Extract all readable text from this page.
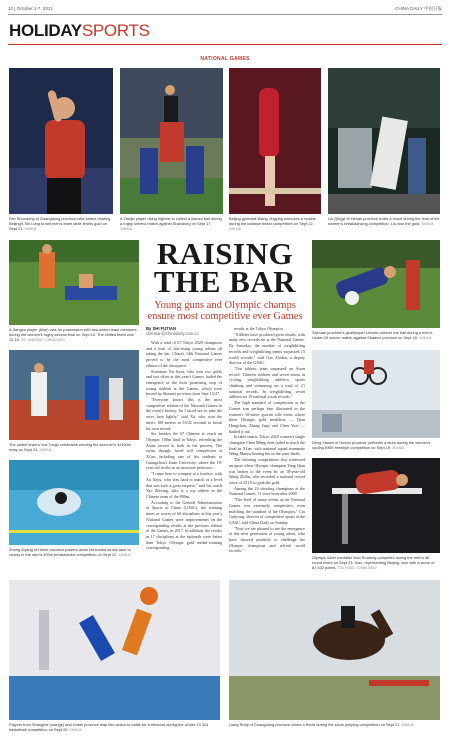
12 | October 1-7, 2021	CHINA DAILY 中国日报
HOLIDAYSPORTS
NATIONAL GAMES
Fan Shuodong of Guangdong province cele-brates beating Beijing's Shi Long to win men's team table tennis gold on Sept 21. XINHUA
A Tianjin player rising highest to collect a lineout ball during a rugby sevens match against Shandong on Sept 17. XINHUA
Beijing gymnast Wang Jingying executes a routine during the balance beam competition on Sept 22. XINHUA
Liu Qingyi of Henan province busts a move during the final of the women's breakdancing competition. Liu won the gold. XINHUA
A Jiangsu player (blue) vies for possession with two united team members during the women's rugby sevens final on Sept 19. The United team won 12-10. XIE JIANFENG / CHINA DAILY
The united team's Yue Tongli celebrates winning the wom-en's 4x100m relay on Sept 24. XINHUA
Zhang Ziyang of Hubei province powers down his breast-stroke lane to victory in the men's 400m breaststroke competition on Sept 22. XINHUA
RAISING
THE BAR
Young guns and Olympic champs ensure most competitive ever Games
By SHI FUTIAN
shifutian@chinadaily.com.cn

With a total of 67 Tokyo 2020 champions and a host of fast-rising young talents all taking the bar, China's 14th National Games proved to be the most competitive ever edition of the showpiece.

Swimmer Xu Jiayu, who won two golds and two silver at this year's Games, hailed the emergence of the most promising crop of young athletes at the Games, which were hosted by Shaanxi province from Sept 15-27.

"Everyone knows this is the most competitive edition of the National Games in the event's history. So I faced not to take the races here lightly," said Xu, who won the men's 100 meters in 53.02 seconds to break his own record.

Six besides the 67 Chinese to reach an Olympic 100m final in Tokyo, refreshing the Asian record in both in the process, The swim, though, faced stiff competition at Xi'an, including one of his students at Guangzhou's Jinan University, where the 18-year-old works as an associate professor.

"I came here to compete at a fearless, with Xu Jiayu, who was hard to match at a level that was such a great surprise," said his coach Yao Zhixing, who is a top athlete in the Chinese team of the 800m.

According to the General Administration of Sports of China (GASC), the winning times or scores of 60 disciplines at this year's National Games were improvements on the corresponding results at the previous edition of the Games, in 2017. In addition, the results in 17 disciplines at the nationals were better than Tokyo Olympic gold medal-winning corresponding

results at the Tokyo Olympics.

"Athletes have produced great results, with many new records set at the National Games. By Saturday, the number of weightlifting records and weightlifting teams surpassed 15 world records," said Gao Zhidan, a deputy director of the GASC.

"Our athletic team surpassed an Asian record. Thirteen athletes and seven teams in cycling, weightlifting, athletics, sports climbing and swimming set a total of 21 national records. In weightlifting, seven athletes set 10 national youth records."

The high standard of competition at the Games was perhaps best illustrated in the women's 10-meter gun-air rifle event, where three Olympic gold medalists — Qian Hongchan, Zhang Jiaqi and Chen Yuxi — battled it out.

In table tennis, Tokyo 2020 women's single champion Chen Meng even failed to reach the final in Xi'an, with national squad teammate Wang Manyu beating her in the semi-finals.

The shooting competitions also witnessed an upset when Olympic champion Yang Qian was beaten to the event by an 18-year-old Wang Zhilin, who recorded a national record score of 251.8 to grab the gold.

Among the 24 shooting champions at the National Games, 11 were born after 2000.

"The level of many events at the National Games was extremely competitive, even matching the standard of the Olympics," Liu Guoyong, director of competitive sports at the GASC, told China Daily on Sunday.

"Now we are pleased to see the emergence of the next generation of young talent, who have showed potential to challenge the Olympic champions and refresh world records."

Sichuan province's goalkeeper Lewole collects the ball during a men's Under-20 soccer match against Shaanxi province on Sept 18. XINHUA
Deng Yawen of Hunan province performs a stunt during the women's cycling BMX freestyle competition on Sept 19. XINHUA
Olympic silver medalist Xiao Ruoteng competes during the men's all-round event on Sept 23. Xiao, representing Beijing, won with a score of 87.532 points. ZOU HONG / CHINA DAILY
Players from Shanghai (orange) and Hubei province leap into action to battle for a rebound during the Under-19 3x3 basketball competition on Sept 20. XINHUA
Liang Ruiqi of Guangdong province clears a fence during the show jumping competition on Sept 21. XINHUA
